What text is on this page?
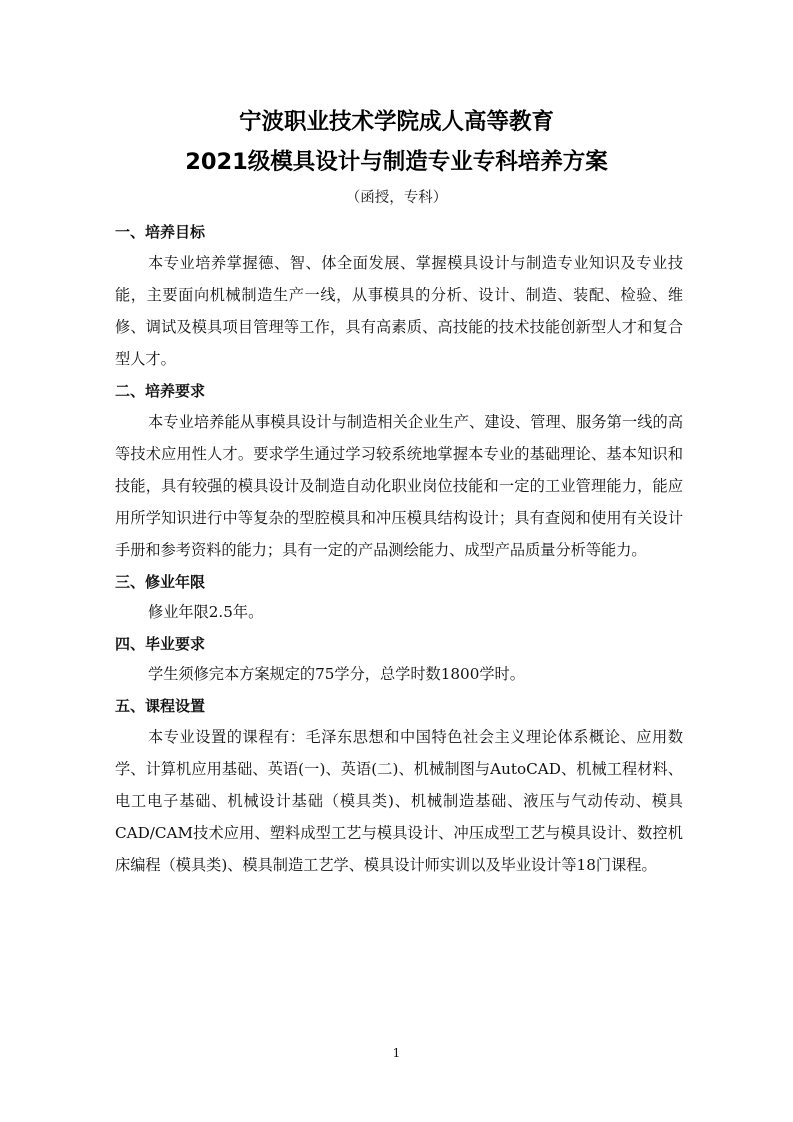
宁波职业技术学院成人高等教育
2021级模具设计与制造专业专科培养方案
（函授，专科）
一、培养目标
本专业培养掌握德、智、体全面发展、掌握模具设计与制造专业知识及专业技能，主要面向机械制造生产一线，从事模具的分析、设计、制造、装配、检验、维修、调试及模具项目管理等工作，具有高素质、高技能的技术技能创新型人才和复合型人才。
二、培养要求
本专业培养能从事模具设计与制造相关企业生产、建设、管理、服务第一线的高等技术应用性人才。要求学生通过学习较系统地掌握本专业的基础理论、基本知识和技能，具有较强的模具设计及制造自动化职业岗位技能和一定的工业管理能力，能应用所学知识进行中等复杂的型腔模具和冲压模具结构设计；具有查阅和使用有关设计手册和参考资料的能力；具有一定的产品测绘能力、成型产品质量分析等能力。
三、修业年限
修业年限2.5年。
四、毕业要求
学生须修完本方案规定的75学分，总学时数1800学时。
五、课程设置
本专业设置的课程有：毛泽东思想和中国特色社会主义理论体系概论、应用数学、计算机应用基础、英语(一)、英语(二)、机械制图与AutoCAD、机械工程材料、电工电子基础、机械设计基础（模具类)、机械制造基础、液压与气动传动、模具CAD/CAM技术应用、塑料成型工艺与模具设计、冲压成型工艺与模具设计、数控机床编程（模具类)、模具制造工艺学、模具设计师实训以及毕业设计等18门课程。
1
